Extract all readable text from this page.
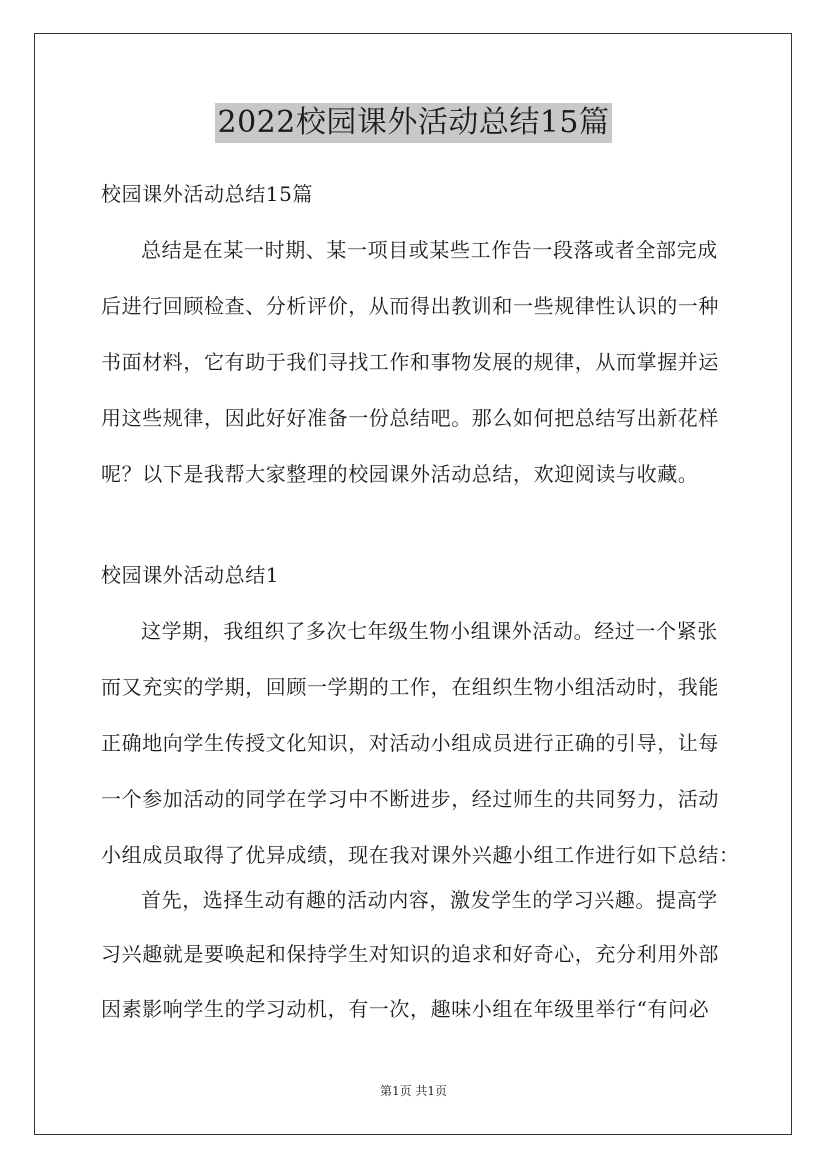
2022校园课外活动总结15篇
校园课外活动总结15篇
总结是在某一时期、某一项目或某些工作告一段落或者全部完成
后进行回顾检查、分析评价，从而得出教训和一些规律性认识的一种
书面材料，它有助于我们寻找工作和事物发展的规律，从而掌握并运
用这些规律，因此好好准备一份总结吧。那么如何把总结写出新花样
呢？以下是我帮大家整理的校园课外活动总结，欢迎阅读与收藏。
校园课外活动总结1
这学期，我组织了多次七年级生物小组课外活动。经过一个紧张
而又充实的学期，回顾一学期的工作，在组织生物小组活动时，我能
正确地向学生传授文化知识，对活动小组成员进行正确的引导，让每
一个参加活动的同学在学习中不断进步，经过师生的共同努力，活动
小组成员取得了优异成绩，现在我对课外兴趣小组工作进行如下总结：
首先，选择生动有趣的活动内容，激发学生的学习兴趣。提高学
习兴趣就是要唤起和保持学生对知识的追求和好奇心，充分利用外部
因素影响学生的学习动机，有一次，趣味小组在年级里举行“有问必
第1页 共1页
